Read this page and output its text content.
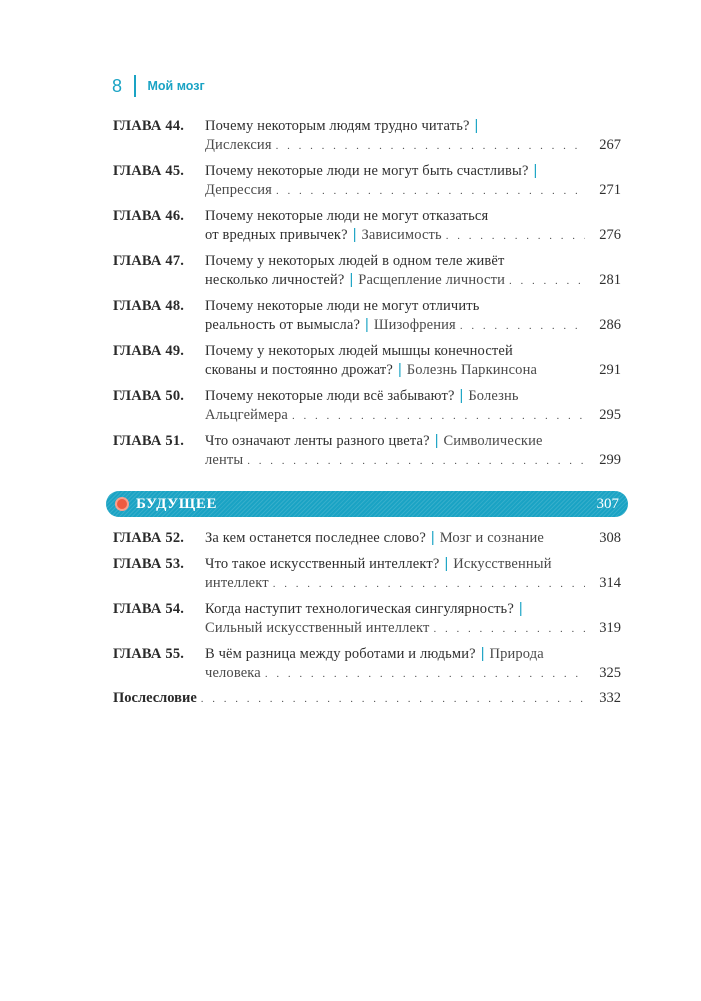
8	Мой мозг
ГЛАВА 44. Почему некоторым людям трудно читать? |
Дислексия . . .	267
ГЛАВА 45. Почему некоторые люди не могут быть счастливы? |
Депрессия . . .	271
ГЛАВА 46. Почему некоторые люди не могут отказаться
от вредных привычек? | Зависимость . . .	276
ГЛАВА 47. Почему у некоторых людей в одном теле живёт
несколько личностей? | Расщепление личности . . .	281
ГЛАВА 48. Почему некоторые люди не могут отличить
реальность от вымысла? | Шизофрения . . .	286
ГЛАВА 49. Почему у некоторых людей мышцы конечностей
скованы и постоянно дрожат? | Болезнь Паркинсона	291
ГЛАВА 50. Почему некоторые люди всё забывают? | Болезнь
Альцгеймера . . .	295
ГЛАВА 51. Что означают ленты разного цвета? | Символические
ленты . . .	299
БУДУЩЕЕ	307
ГЛАВА 52. За кем останется последнее слово? | Мозг и сознание	308
ГЛАВА 53. Что такое искусственный интеллект? | Искусственный
интеллект . . .	314
ГЛАВА 54. Когда наступит технологическая сингулярность? |
Сильный искусственный интеллект . . .	319
ГЛАВА 55. В чём разница между роботами и людьми? | Природа
человека . . .	325
Послесловие . . .	332
